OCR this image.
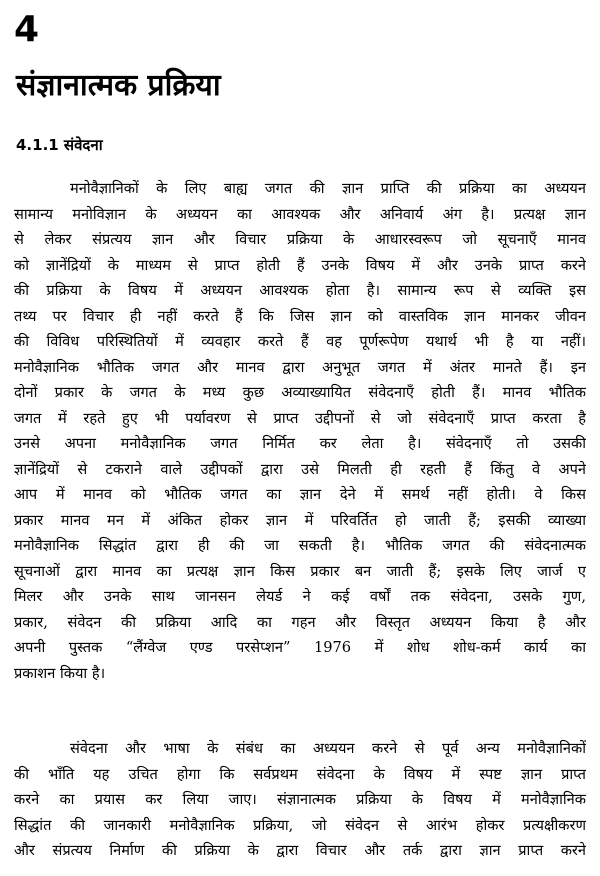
4
संज्ञानात्मक प्रक्रिया
4.1.1 संवेदना
मनोवैज्ञानिकों के लिए बाह्य जगत की ज्ञान प्राप्ति की प्रक्रिया का अध्ययन
सामान्य मनोविज्ञान के अध्ययन का आवश्यक और अनिवार्य अंग है। प्रत्यक्ष ज्ञान
से लेकर संप्रत्यय ज्ञान और विचार प्रक्रिया के आधारस्वरूप जो सूचनाएँ मानव
को ज्ञानेंद्रियों के माध्यम से प्राप्त होती हैं उनके विषय में और उनके प्राप्त करने
की प्रक्रिया के विषय में अध्ययन आवश्यक होता है। सामान्य रूप से व्यक्ति इस
तथ्य पर विचार ही नहीं करते हैं कि जिस ज्ञान को वास्तविक ज्ञान मानकर जीवन
की विविध परिस्थितियों में व्यवहार करते हैं वह पूर्णरूपेण यथार्थ भी है या नहीं।
मनोवैज्ञानिक भौतिक जगत और मानव द्वारा अनुभूत जगत में अंतर मानते हैं। इन
दोनों प्रकार के जगत के मध्य कुछ अव्याख्यायित संवेदनाएँ होती हैं। मानव भौतिक
जगत में रहते हुए भी पर्यावरण से प्राप्त उद्दीपनों से जो संवेदनाएँ प्राप्त करता है
उनसे अपना मनोवैज्ञानिक जगत निर्मित कर लेता है। संवेदनाएँ तो उसकी
ज्ञानेंद्रियों से टकराने वाले उद्दीपकों द्वारा उसे मिलती ही रहती हैं किंतु वे अपने
आप में मानव को भौतिक जगत का ज्ञान देने में समर्थ नहीं होती। वे किस
प्रकार मानव मन में अंकित होकर ज्ञान में परिवर्तित हो जाती हैं; इसकी व्याख्या
मनोवैज्ञानिक सिद्धांत द्वारा ही की जा सकती है। भौतिक जगत की संवेदनात्मक
सूचनाओं द्वारा मानव का प्रत्यक्ष ज्ञान किस प्रकार बन जाती हैं; इसके लिए जार्ज ए
मिलर और उनके साथ जानसन लेयर्ड ने कई वर्षों तक संवेदना, उसके गुण,
प्रकार, संवेदन की प्रक्रिया आदि का गहन और विस्तृत अध्ययन किया है और
अपनी पुस्तक “लैंग्वेज एण्ड परसेप्शन” 1976 में शोध शोध-कर्म कार्य का
प्रकाशन किया है।
संवेदना और भाषा के संबंध का अध्ययन करने से पूर्व अन्य मनोवैज्ञानिकों
की भाँति यह उचित होगा कि सर्वप्रथम संवेदना के विषय में स्पष्ट ज्ञान प्राप्त
करने का प्रयास कर लिया जाए। संज्ञानात्मक प्रक्रिया के विषय में मनोवैज्ञानिक
सिद्धांत की जानकारी मनोवैज्ञानिक प्रक्रिया, जो संवेदन से आरंभ होकर प्रत्यक्षीकरण
और संप्रत्यय निर्माण की प्रक्रिया के द्वारा विचार और तर्क द्वारा ज्ञान प्राप्त करने
